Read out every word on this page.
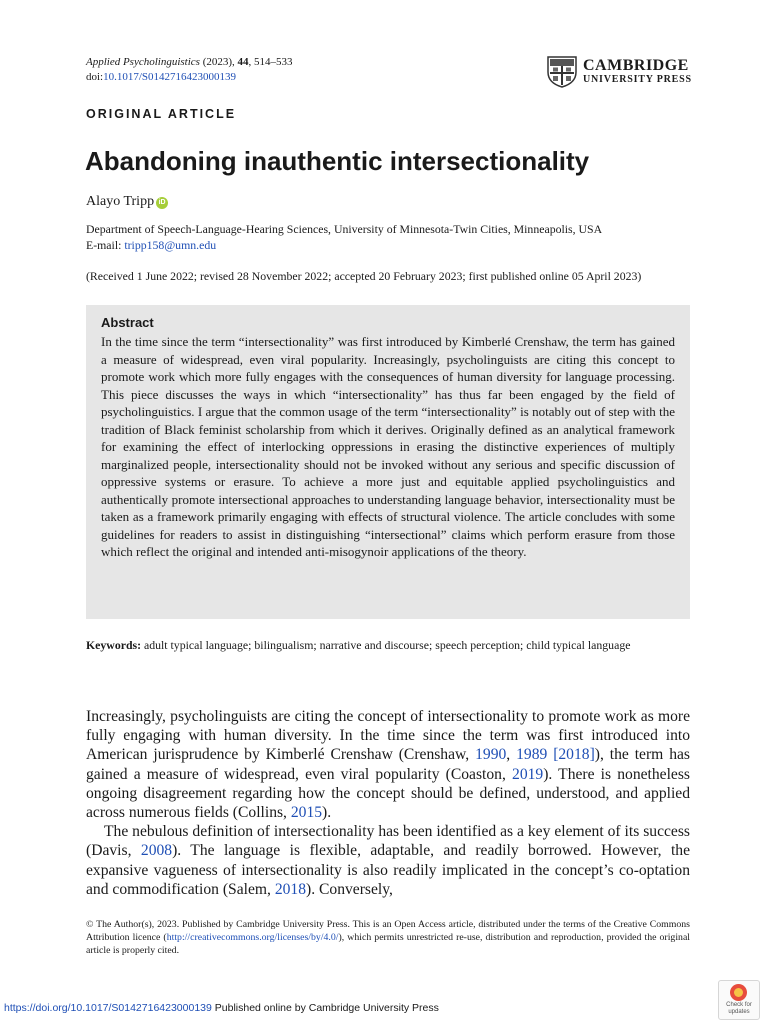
Applied Psycholinguistics (2023), 44, 514–533
doi:10.1017/S0142716423000139
CAMBRIDGE
UNIVERSITY PRESS
ORIGINAL ARTICLE
Abandoning inauthentic intersectionality
Alayo Tripp iD
Department of Speech-Language-Hearing Sciences, University of Minnesota-Twin Cities, Minneapolis, USA
E-mail: tripp158@umn.edu
(Received 1 June 2022; revised 28 November 2022; accepted 20 February 2023; first published online 05 April 2023)
Abstract
In the time since the term “intersectionality” was first introduced by Kimberlé Crenshaw, the term has gained a measure of widespread, even viral popularity. Increasingly, psycholinguists are citing this concept to promote work which more fully engages with the consequences of human diversity for language processing. This piece discusses the ways in which “intersectionality” has thus far been engaged by the field of psycholinguistics. I argue that the common usage of the term “intersectionality” is notably out of step with the tradition of Black feminist scholarship from which it derives. Originally defined as an analytical framework for examining the effect of interlocking oppressions in erasing the distinctive experiences of multiply marginalized people, intersectionality should not be invoked without any serious and specific discussion of oppressive systems or erasure. To achieve a more just and equitable applied psycholinguistics and authentically promote intersectional approaches to understanding language behavior, intersectionality must be taken as a framework primarily engaging with effects of structural violence. The article concludes with some guidelines for readers to assist in distinguishing “intersectional” claims which perform erasure from those which reflect the original and intended anti-misogynoir applications of the theory.
Keywords: adult typical language; bilingualism; narrative and discourse; speech perception; child typical language

Increasingly, psycholinguists are citing the concept of intersectionality to promote work as more fully engaging with human diversity. In the time since the term was first introduced into American jurisprudence by Kimberlé Crenshaw (Crenshaw, 1990, 1989 [2018]), the term has gained a measure of widespread, even viral popularity (Coaston, 2019). There is nonetheless ongoing disagreement regarding how the concept should be defined, understood, and applied across numerous fields (Collins, 2015).

The nebulous definition of intersectionality has been identified as a key element of its success (Davis, 2008). The language is flexible, adaptable, and readily borrowed. However, the expansive vagueness of intersectionality is also readily implicated in the concept’s co-optation and commodification (Salem, 2018). Conversely,

© The Author(s), 2023. Published by Cambridge University Press. This is an Open Access article, distributed under the terms of the Creative Commons Attribution licence (http://creativecommons.org/licenses/by/4.0/), which permits unrestricted re-use, distribution and reproduction, provided the original article is properly cited.
https://doi.org/10.1017/S0142716423000139 Published online by Cambridge University Press	Check for
updates
